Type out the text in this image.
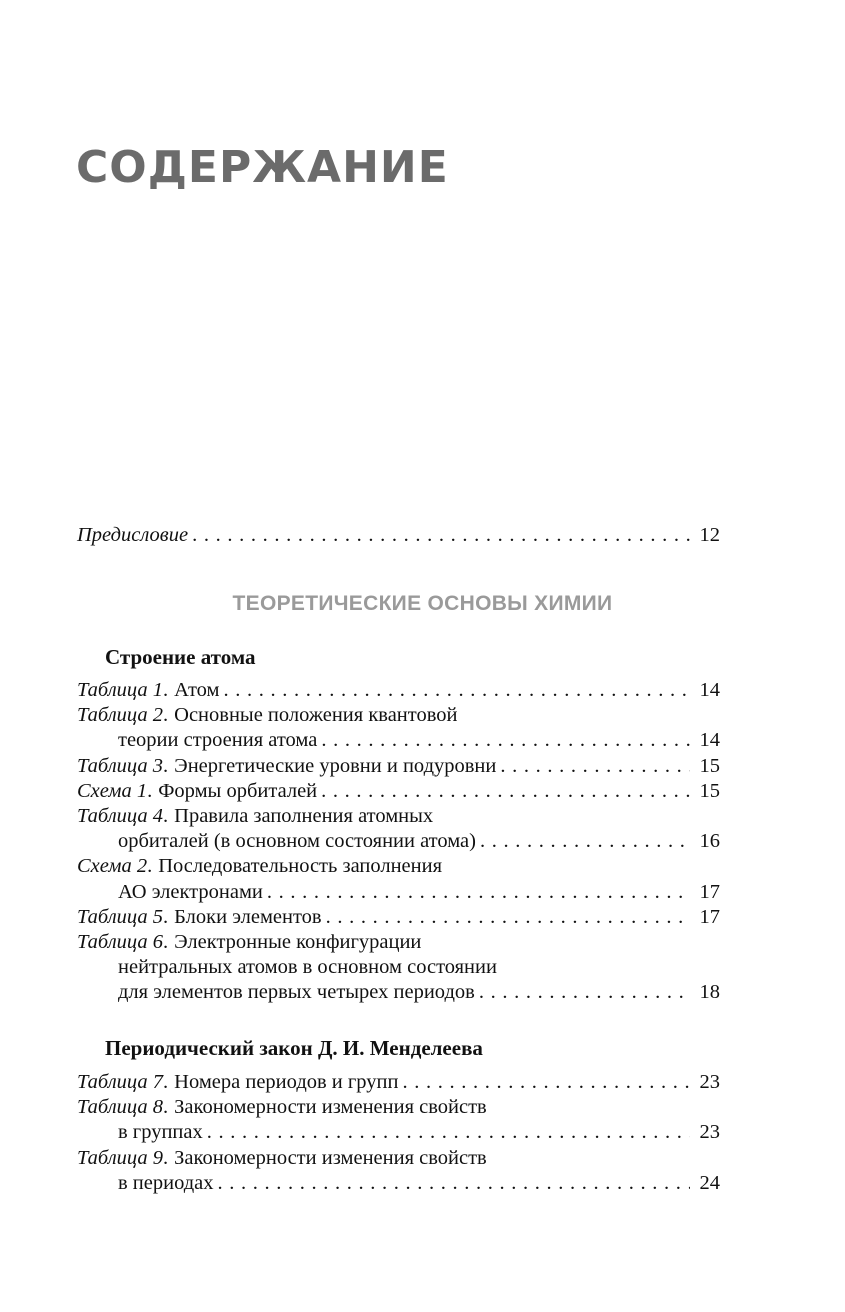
СОДЕРЖАНИЕ
Предисловие . . .	12
ТЕОРЕТИЧЕСКИЕ ОСНОВЫ ХИМИИ
Строение атома
Таблица 1 . Атом . . .	14
Таблица 2 . Основные положения квантовой
теории строения атома . . .	14
Таблица 3 . Энергетические уровни и подуровни . . .	15
Схема 1 . Формы орбиталей . . .	15
Таблица 4 . Правила заполнения атомных
орбиталей (в основном состоянии атома) . . .	16
Схема 2 . Последовательность заполнения
АО электронами . . .	17
Таблица 5 . Блоки элементов . . .	17
Таблица 6 . Электронные конфигурации
нейтральных атомов в основном состоянии
для элементов первых четырех периодов . . .	18
Периодический закон Д. И. Менделеева
Таблица 7 . Номера периодов и групп . . .	23
Таблица 8 . Закономерности изменения свойств
в группах . . .	23
Таблица 9 . Закономерности изменения свойств
в периодах . . .	24
